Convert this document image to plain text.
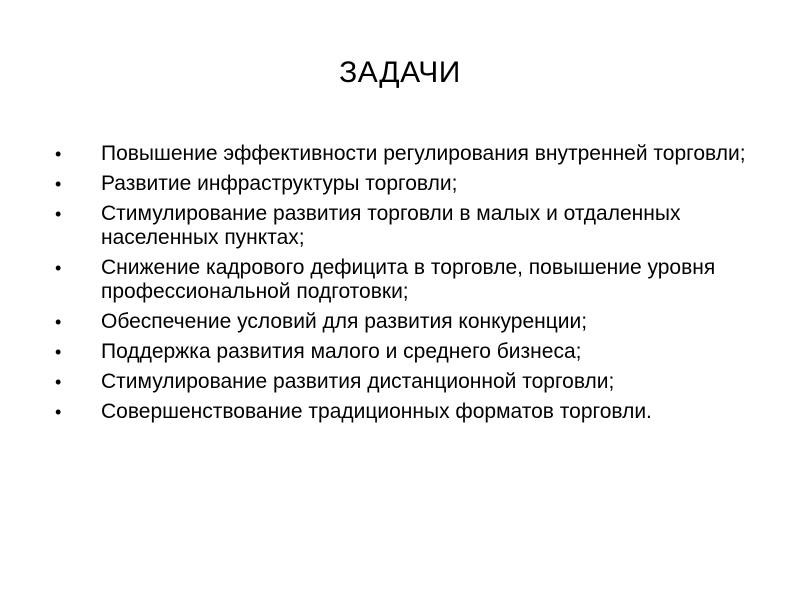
ЗАДАЧИ
•	Повышение эффективности регулирования внутренней торговли;
•	Развитие инфраструктуры торговли;
•	Стимулирование развития торговли в малых и отдаленных населенных пунктах;
•	Снижение кадрового дефицита в торговле, повышение уровня профессиональной подготовки;
•	Обеспечение условий для развития конкуренции;
•	Поддержка развития малого и среднего бизнеса;
•	Стимулирование развития дистанционной торговли;
•	Совершенствование традиционных форматов торговли.
